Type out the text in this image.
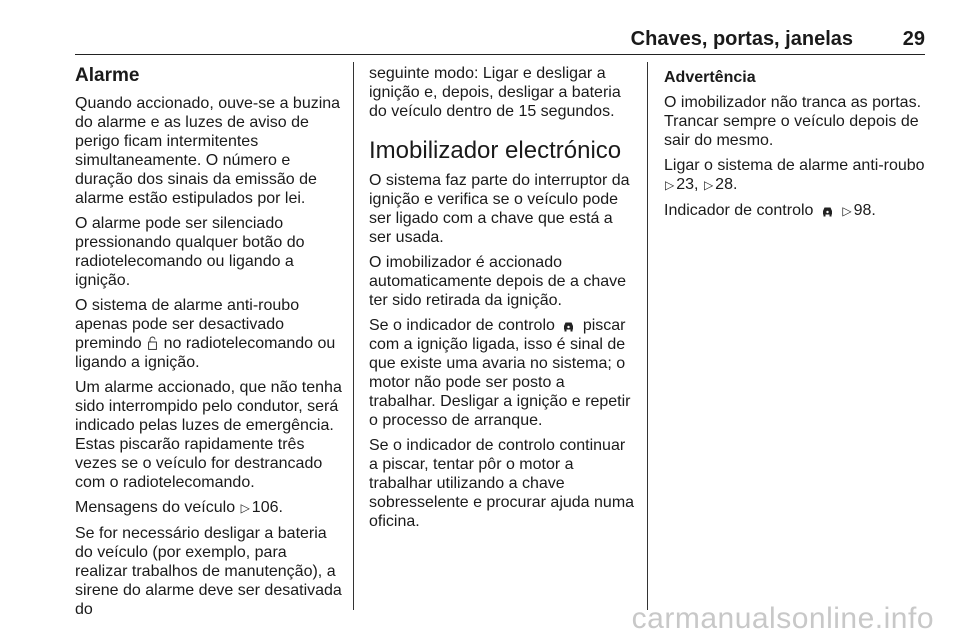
Chaves, portas, janelas 29
Alarme

Quando accionado, ouve-se a buzina do alarme e as luzes de aviso de perigo ficam intermitentes simultaneamente. O número e duração dos sinais da emissão de alarme estão estipulados por lei.

O alarme pode ser silenciado pressionando qualquer botão do radiotelecomando ou ligando a ignição.

O sistema de alarme anti-roubo apenas pode ser desactivado premindo no radiotelecomando ou ligando a ignição.

Um alarme accionado, que não tenha sido interrompido pelo condutor, será indicado pelas luzes de emergência. Estas piscarão rapidamente três vezes se o veículo for destrancado com o radiotelecomando.

Mensagens do veículo ▷ 106.

Se for necessário desligar a bateria do veículo (por exemplo, para realizar trabalhos de manutenção), a sirene do alarme deve ser desativada do

seguinte modo: Ligar e desligar a ignição e, depois, desligar a bateria do veículo dentro de 15 segundos.

Imobilizador electrónico

O sistema faz parte do interruptor da ignição e verifica se o veículo pode ser ligado com a chave que está a ser usada.

O imobilizador é accionado automaticamente depois de a chave ter sido retirada da ignição.

Se o indicador de controlo piscar com a ignição ligada, isso é sinal de que existe uma avaria no sistema; o motor não pode ser posto a trabalhar. Desligar a ignição e repetir o processo de arranque.

Se o indicador de controlo continuar a piscar, tentar pôr o motor a trabalhar utilizando a chave sobresselente e procurar ajuda numa oficina.

Advertência

O imobilizador não tranca as portas. Trancar sempre o veículo depois de sair do mesmo.

Ligar o sistema de alarme anti-roubo ▷ 23, ▷ 28.

Indicador de controlo ▷ 98.

carmanualsonline.info
